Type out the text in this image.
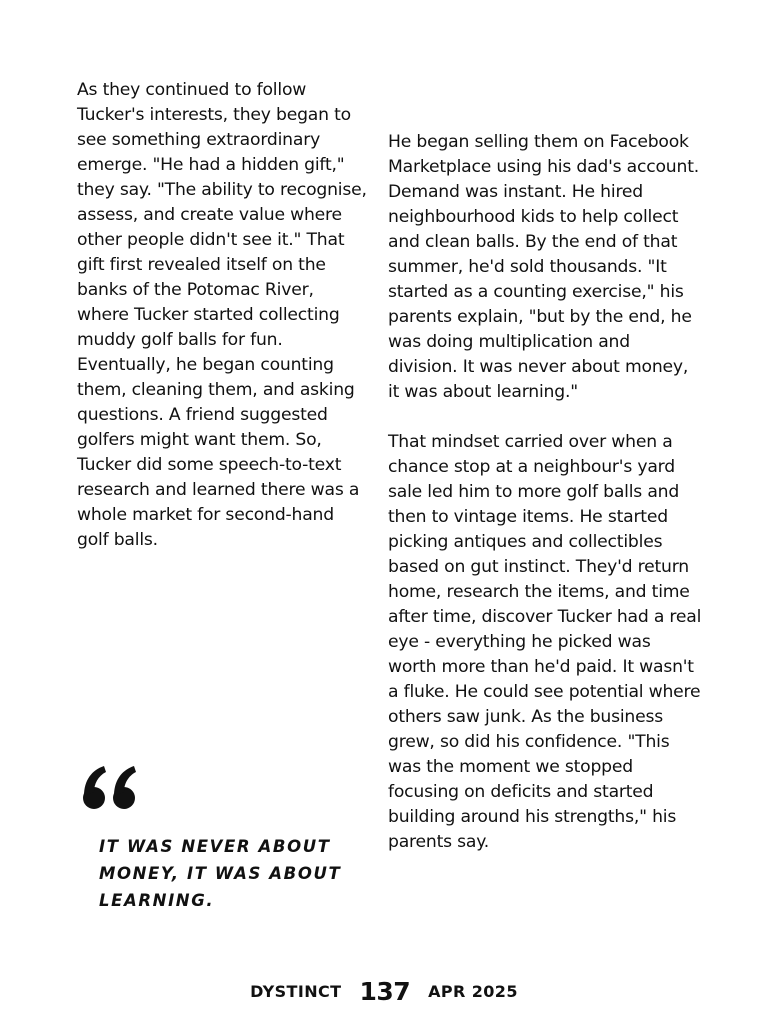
As they continued to follow Tucker's interests, they began to see something extraordinary emerge. "He had a hidden gift," they say. "The ability to recognise, assess, and create value where other people didn't see it." That gift first revealed itself on the banks of the Potomac River, where Tucker started collecting muddy golf balls for fun. Eventually, he began counting them, cleaning them, and asking questions. A friend suggested golfers might want them. So, Tucker did some speech-to-text research and learned there was a whole market for second-hand golf balls.

He began selling them on Facebook Marketplace using his dad's account. Demand was instant. He hired neighbourhood kids to help collect and clean balls. By the end of that summer, he'd sold thousands. "It started as a counting exercise," his parents explain, "but by the end, he was doing multiplication and division. It was never about money, it was about learning."

That mindset carried over when a chance stop at a neighbour's yard sale led him to more golf balls and then to vintage items. He started picking antiques and collectibles based on gut instinct. They'd return home, research the items, and time after time, discover Tucker had a real eye - everything he picked was worth more than he'd paid. It wasn't a fluke. He could see potential where others saw junk. As the business grew, so did his confidence. "This was the moment we stopped focusing on deficits and started building around his strengths," his parents say.

IT WAS NEVER ABOUT MONEY, IT WAS ABOUT LEARNING.
DYSTINCT 137 APR 2025
